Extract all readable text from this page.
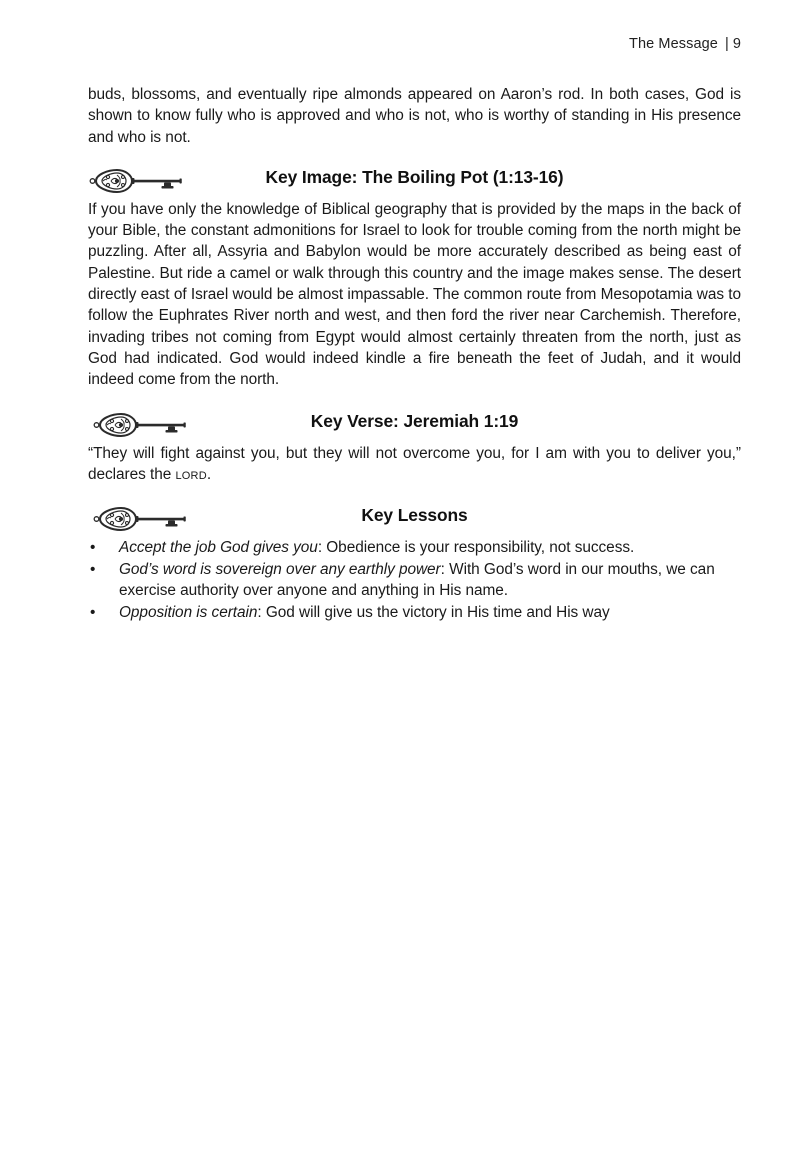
The Message | 9

buds, blossoms, and eventually ripe almonds appeared on Aaron’s rod. In both cases, God is shown to know fully who is approved and who is not, who is worthy of standing in His presence and who is not.

Key Image: The Boiling Pot (1:13-16)

If you have only the knowledge of Biblical geography that is provided by the maps in the back of your Bible, the constant admonitions for Israel to look for trouble coming from the north might be puzzling. After all, Assyria and Babylon would be more accurately described as being east of Palestine. But ride a camel or walk through this country and the image makes sense. The desert directly east of Israel would be almost impassable. The common route from Mesopotamia was to follow the Euphrates River north and west, and then ford the river near Carchemish. Therefore, invading tribes not coming from Egypt would almost certainly threaten from the north, just as God had indicated. God would indeed kindle a fire beneath the feet of Judah, and it would indeed come from the north.

Key Verse: Jeremiah 1:19

“They will fight against you, but they will not overcome you, for I am with you to deliver you,” declares the lord.

Key Lessons
•	Accept the job God gives you: Obedience is your responsibility, not success.
•	God’s word is sovereign over any earthly power: With God’s word in our mouths, we can exercise authority over anyone and anything in His name.
•	Opposition is certain: God will give us the victory in His time and His way
